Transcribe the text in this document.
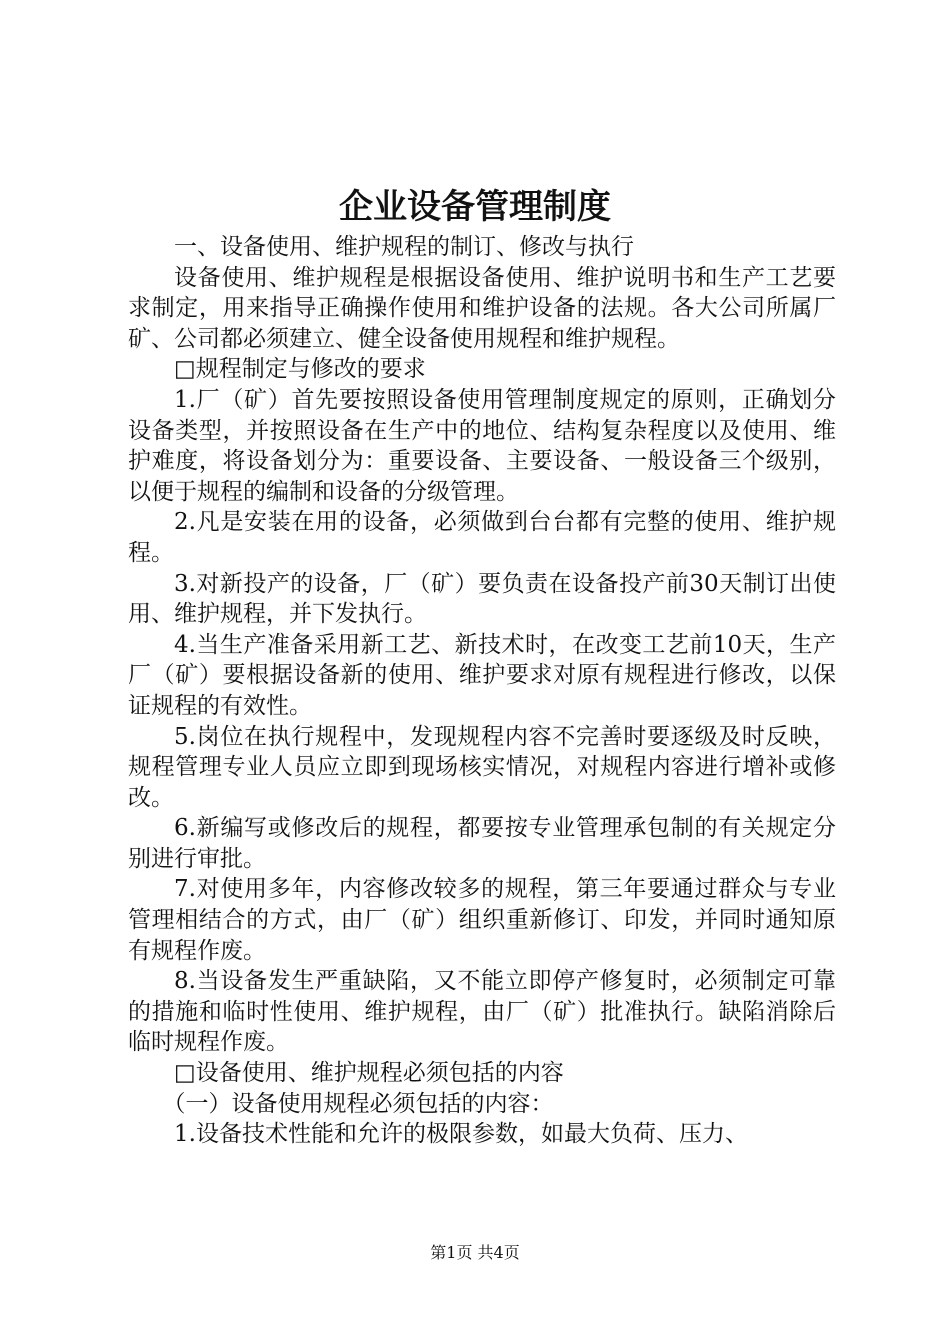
企业设备管理制度

一、设备使用、维护规程的制订、修改与执行

设备使用、维护规程是根据设备使用、维护说明书和生产工艺要求制定，用来指导正确操作使用和维护设备的法规。各大公司所属厂矿、公司都必须建立、健全设备使用规程和维护规程。

□规程制定与修改的要求

1.厂（矿）首先要按照设备使用管理制度规定的原则，正确划分设备类型，并按照设备在生产中的地位、结构复杂程度以及使用、维护难度，将设备划分为：重要设备、主要设备、一般设备三个级别，以便于规程的编制和设备的分级管理。

2.凡是安装在用的设备，必须做到台台都有完整的使用、维护规程。

3.对新投产的设备，厂（矿）要负责在设备投产前30天制订出使用、维护规程，并下发执行。

4.当生产准备采用新工艺、新技术时，在改变工艺前10天，生产厂（矿）要根据设备新的使用、维护要求对原有规程进行修改，以保证规程的有效性。

5.岗位在执行规程中，发现规程内容不完善时要逐级及时反映，规程管理专业人员应立即到现场核实情况，对规程内容进行增补或修改。

6.新编写或修改后的规程，都要按专业管理承包制的有关规定分别进行审批。

7.对使用多年，内容修改较多的规程，第三年要通过群众与专业管理相结合的方式，由厂（矿）组织重新修订、印发，并同时通知原有规程作废。

8.当设备发生严重缺陷，又不能立即停产修复时，必须制定可靠的措施和临时性使用、维护规程，由厂（矿）批准执行。缺陷消除后临时规程作废。

□设备使用、维护规程必须包括的内容

（一）设备使用规程必须包括的内容：

1.设备技术性能和允许的极限参数，如最大负荷、压力、

第1页 共4页
